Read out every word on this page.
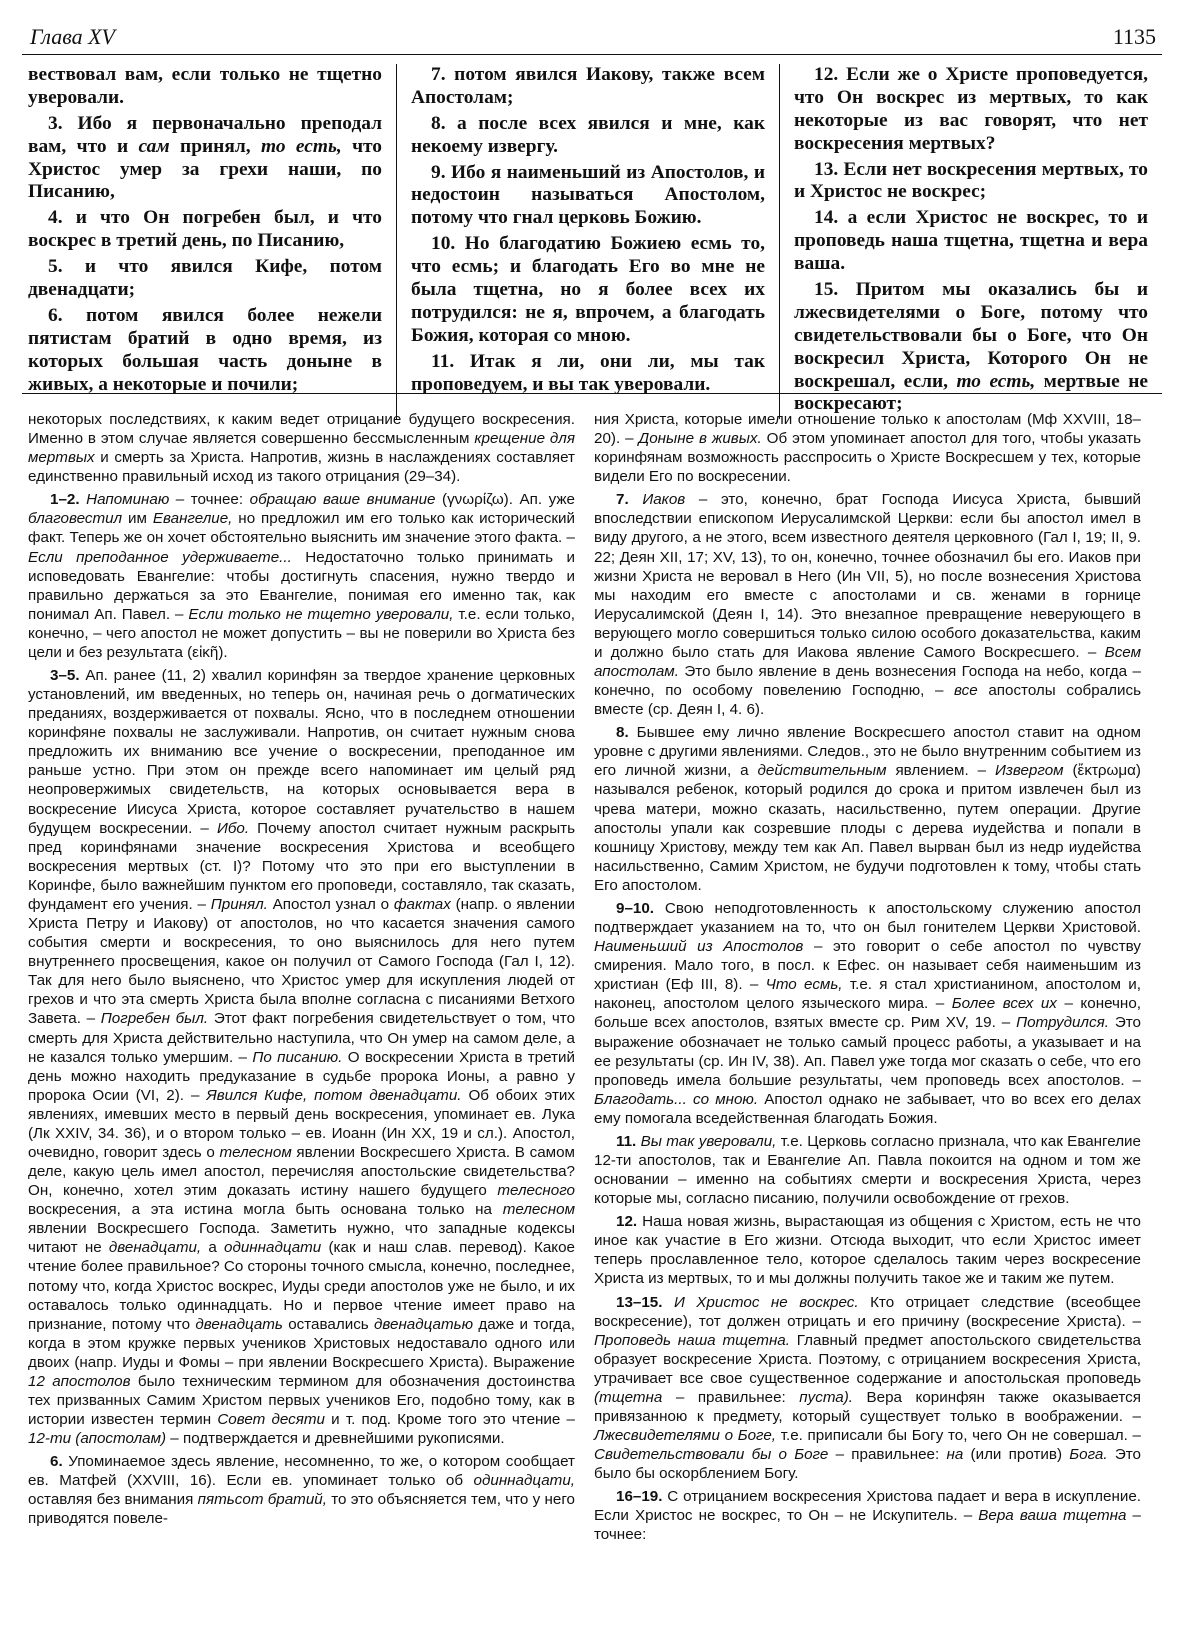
Глава XV	1135

вествовал вам, если только не тщетно уверовали.

3. Ибо я первоначально преподал вам, что и сам принял, то есть, что Христос умер за грехи наши, по Писанию,

4. и что Он погребен был, и что воскрес в третий день, по Писанию,

5. и что явился Кифе, потом двенадцати;

6. потом явился более нежели пятистам братий в одно время, из которых большая часть доныне в живых, а некоторые и почили;

7. потом явился Иакову, также всем Апостолам;

8. а после всех явился и мне, как некоему извергу.

9. Ибо я наименьший из Апостолов, и недостоин называться Апостолом, потому что гнал церковь Божию.

10. Но благодатию Божиею есмь то, что есмь; и благодать Его во мне не была тщетна, но я более всех их потрудился: не я, впрочем, а благодать Божия, которая со мною.

11. Итак я ли, они ли, мы так проповедуем, и вы так уверовали.

12. Если же о Христе проповедуется, что Он воскрес из мертвых, то как некоторые из вас говорят, что нет воскресения мертвых?

13. Если нет воскресения мертвых, то и Христос не воскрес;

14. а если Христос не воскрес, то и проповедь наша тщетна, тщетна и вера ваша.

15. Притом мы оказались бы и лжесвидетелями о Боге, потому что свидетельствовали бы о Боге, что Он воскресил Христа, Которого Он не воскрешал, если, то есть, мертвые не воскресают;

некоторых последствиях, к каким ведет отрицание будущего воскресения. Именно в этом случае является совершенно бессмысленным крещение для мертвых и смерть за Христа. Напротив, жизнь в наслаждениях составляет единственно правильный исход из такого отрицания (29–34).

1–2. Напоминаю – точнее: обращаю ваше внимание (γνωρίζω). Ап. уже благовестил им Евангелие, но предложил им его только как исторический факт. Теперь же он хочет обстоятельно выяснить им значение этого факта. – Если преподанное удерживаете... Недостаточно только принимать и исповедовать Евангелие: чтобы достигнуть спасения, нужно твердо и правильно держаться за это Евангелие, понимая его именно так, как понимал Ап. Павел. – Если только не тщетно уверовали, т.е. если только, конечно, – чего апостол не может допустить – вы не поверили во Христа без цели и без результата (εἰκῆ).

3–5. Ап. ранее (11, 2) хвалил коринфян за твердое хранение церковных установлений, им введенных, но теперь он, начиная речь о догматических преданиях, воздерживается от похвалы. Ясно, что в последнем отношении коринфяне похвалы не заслуживали. Напротив, он считает нужным снова предложить их вниманию все учение о воскресении, преподанное им раньше устно. При этом он прежде всего напоминает им целый ряд неопровержимых свидетельств, на которых основывается вера в воскресение Иисуса Христа, которое составляет ручательство в нашем будущем воскресении. – Ибо. Почему апостол считает нужным раскрыть пред коринфянами значение воскресения Христова и всеобщего воскресения мертвых (ст. I)? Потому что это при его выступлении в Коринфе, было важнейшим пунктом его проповеди, составляло, так сказать, фундамент его учения. – Принял. Апостол узнал о фактах (напр. о явлении Христа Петру и Иакову) от апостолов, но что касается значения самого события смерти и воскресения, то оно выяснилось для него путем внутреннего просвещения, какое он получил от Самого Господа (Гал I, 12). Так для него было выяснено, что Христос умер для искупления людей от грехов и что эта смерть Христа была вполне согласна с писаниями Ветхого Завета. – Погребен был. Этот факт погребения свидетельствует о том, что смерть для Христа действительно наступила, что Он умер на самом деле, а не казался только умершим. – По писанию. О воскресении Христа в третий день можно находить предуказание в судьбе пророка Ионы, а равно у пророка Осии (VI, 2). – Явился Кифе, потом двенадцати. Об обоих этих явлениях, имевших место в первый день воскресения, упоминает ев. Лука (Лк XXIV, 34. 36), и о втором только – ев. Иоанн (Ин XX, 19 и сл.). Апостол, очевидно, говорит здесь о телесном явлении Воскресшего Христа. В самом деле, какую цель имел апостол, перечисляя апостольские свидетельства? Он, конечно, хотел этим доказать истину нашего будущего телесного воскресения, а эта истина могла быть основана только на телесном явлении Воскресшего Господа. Заметить нужно, что западные кодексы читают не двенадцати, а одиннадцати (как и наш слав. перевод). Какое чтение более правильное? Со стороны точного смысла, конечно, последнее, потому что, когда Христос воскрес, Иуды среди апостолов уже не было, и их оставалось только одиннадцать. Но и первое чтение имеет право на признание, потому что двенадцать оставались двенадцатью даже и тогда, когда в этом кружке первых учеников Христовых недоставало одного или двоих (напр. Иуды и Фомы – при явлении Воскресшего Христа). Выражение 12 апостолов было техническим термином для обозначения достоинства тех призванных Самим Христом первых учеников Его, подобно тому, как в истории известен термин Совет десяти и т. под. Кроме того это чтение – 12-ти (апостолам) – подтверждается и древнейшими рукописями.

6. Упоминаемое здесь явление, несомненно, то же, о котором сообщает ев. Матфей (XXVIII, 16). Если ев. упоминает только об одиннадцати, оставляя без внимания пятьсот братий, то это объясняется тем, что у него приводятся повеле-

ния Христа, которые имели отношение только к апостолам (Мф XXVIII, 18–20). – Доныне в живых. Об этом упоминает апостол для того, чтобы указать коринфянам возможность расспросить о Христе Воскресшем у тех, которые видели Его по воскресении.

7. Иаков – это, конечно, брат Господа Иисуса Христа, бывший впоследствии епископом Иерусалимской Церкви: если бы апостол имел в виду другого, а не этого, всем известного деятеля церковного (Гал I, 19; II, 9. 22; Деян XII, 17; XV, 13), то он, конечно, точнее обозначил бы его. Иаков при жизни Христа не веровал в Него (Ин VII, 5), но после вознесения Христова мы находим его вместе с апостолами и св. женами в горнице Иерусалимской (Деян I, 14). Это внезапное превращение неверующего в верующего могло совершиться только силою особого доказательства, каким и должно было стать для Иакова явление Самого Воскресшего. – Всем апостолам. Это было явление в день вознесения Господа на небо, когда – конечно, по особому повелению Господню, – все апостолы собрались вместе (ср. Деян I, 4. 6).

8. Бывшее ему лично явление Воскресшего апостол ставит на одном уровне с другими явлениями. Следов., это не было внутренним событием из его личной жизни, а действительным явлением. – Извергом (ἔκτρωμα) назывался ребенок, который родился до срока и притом извлечен был из чрева матери, можно сказать, насильственно, путем операции. Другие апостолы упали как созревшие плоды с дерева иудейства и попали в кошницу Христову, между тем как Ап. Павел вырван был из недр иудейства насильственно, Самим Христом, не будучи подготовлен к тому, чтобы стать Его апостолом.

9–10. Свою неподготовленность к апостольскому служению апостол подтверждает указанием на то, что он был гонителем Церкви Христовой. Наименьший из Апостолов – это говорит о себе апостол по чувству смирения. Мало того, в посл. к Ефес. он называет себя наименьшим из христиан (Еф III, 8). – Что есмь, т.е. я стал христианином, апостолом и, наконец, апостолом целого языческого мира. – Более всех их – конечно, больше всех апостолов, взятых вместе ср. Рим XV, 19. – Потрудился. Это выражение обозначает не только самый процесс работы, а указывает и на ее результаты (ср. Ин IV, 38). Ап. Павел уже тогда мог сказать о себе, что его проповедь имела большие результаты, чем проповедь всех апостолов. – Благодать... со мною. Апостол однако не забывает, что во всех его делах ему помогала вседейственная благодать Божия.

11. Вы так уверовали, т.е. Церковь согласно признала, что как Евангелие 12-ти апостолов, так и Евангелие Ап. Павла покоится на одном и том же основании – именно на событиях смерти и воскресения Христа, через которые мы, согласно писанию, получили освобождение от грехов.

12. Наша новая жизнь, вырастающая из общения с Христом, есть не что иное как участие в Его жизни. Отсюда выходит, что если Христос имеет теперь прославленное тело, которое сделалось таким через воскресение Христа из мертвых, то и мы должны получить такое же и таким же путем.

13–15. И Христос не воскрес. Кто отрицает следствие (всеобщее воскресение), тот должен отрицать и его причину (воскресение Христа). – Проповедь наша тщетна. Главный предмет апостольского свидетельства образует воскресение Христа. Поэтому, с отрицанием воскресения Христа, утрачивает все свое существенное содержание и апостольская проповедь (тщетна – правильнее: пуста). Вера коринфян также оказывается привязанною к предмету, который существует только в воображении. – Лжесвидетелями о Боге, т.е. приписали бы Богу то, чего Он не совершал. – Свидетельствовали бы о Боге – правильнее: на (или против) Бога. Это было бы оскорблением Богу.

16–19. С отрицанием воскресения Христова падает и вера в искупление. Если Христос не воскрес, то Он – не Искупитель. – Вера ваша тщетна – точнее:
